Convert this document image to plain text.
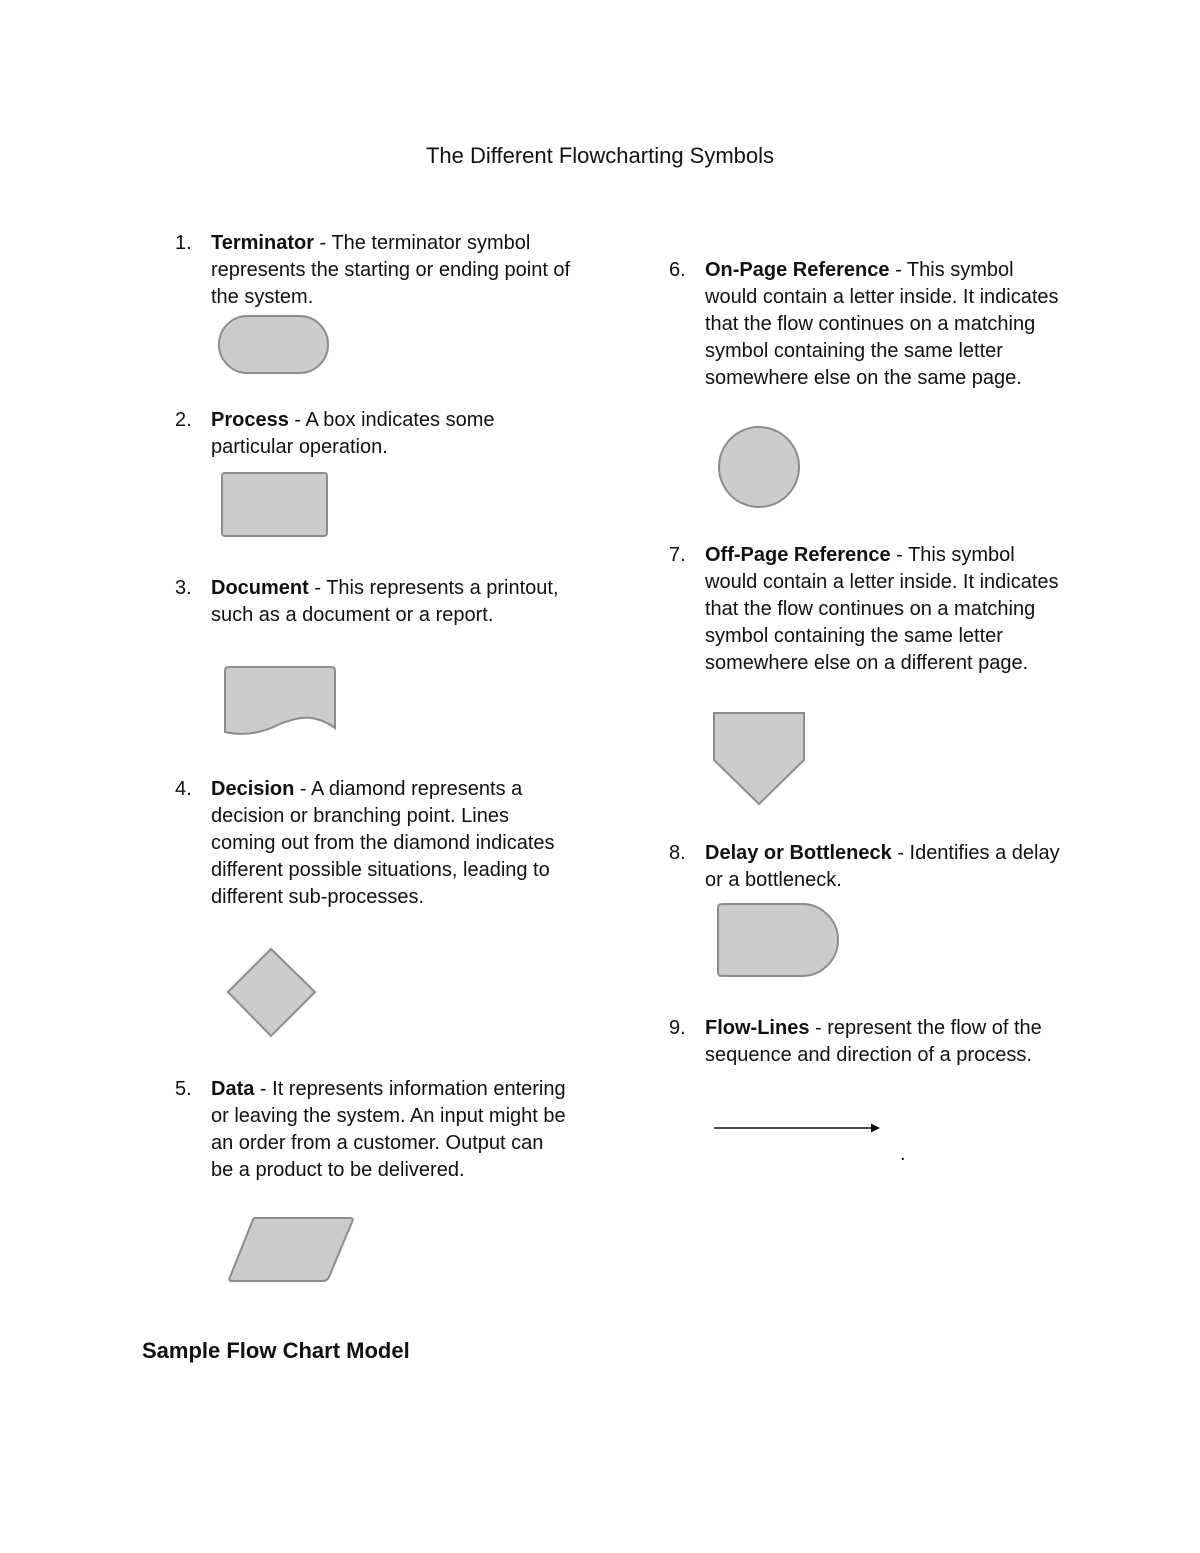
The Different Flowcharting Symbols
1. Terminator - The terminator symbol represents the starting or ending point of the system.
2. Process - A box indicates some particular operation.
3. Document - This represents a printout, such as a document or a report.
4. Decision - A diamond represents a decision or branching point. Lines coming out from the diamond indicates different possible situations, leading to different sub-processes.
5. Data - It represents information entering or leaving the system. An input might be an order from a customer. Output can be a product to be delivered.
6. On-Page Reference - This symbol would contain a letter inside. It indicates that the flow continues on a matching symbol containing the same letter somewhere else on the same page.
7. Off-Page Reference - This symbol would contain a letter inside. It indicates that the flow continues on a matching symbol containing the same letter somewhere else on a different page.
8. Delay or Bottleneck - Identifies a delay or a bottleneck.
9. Flow-Lines - represent the flow of the sequence and direction of a process.
.
Sample Flow Chart Model
